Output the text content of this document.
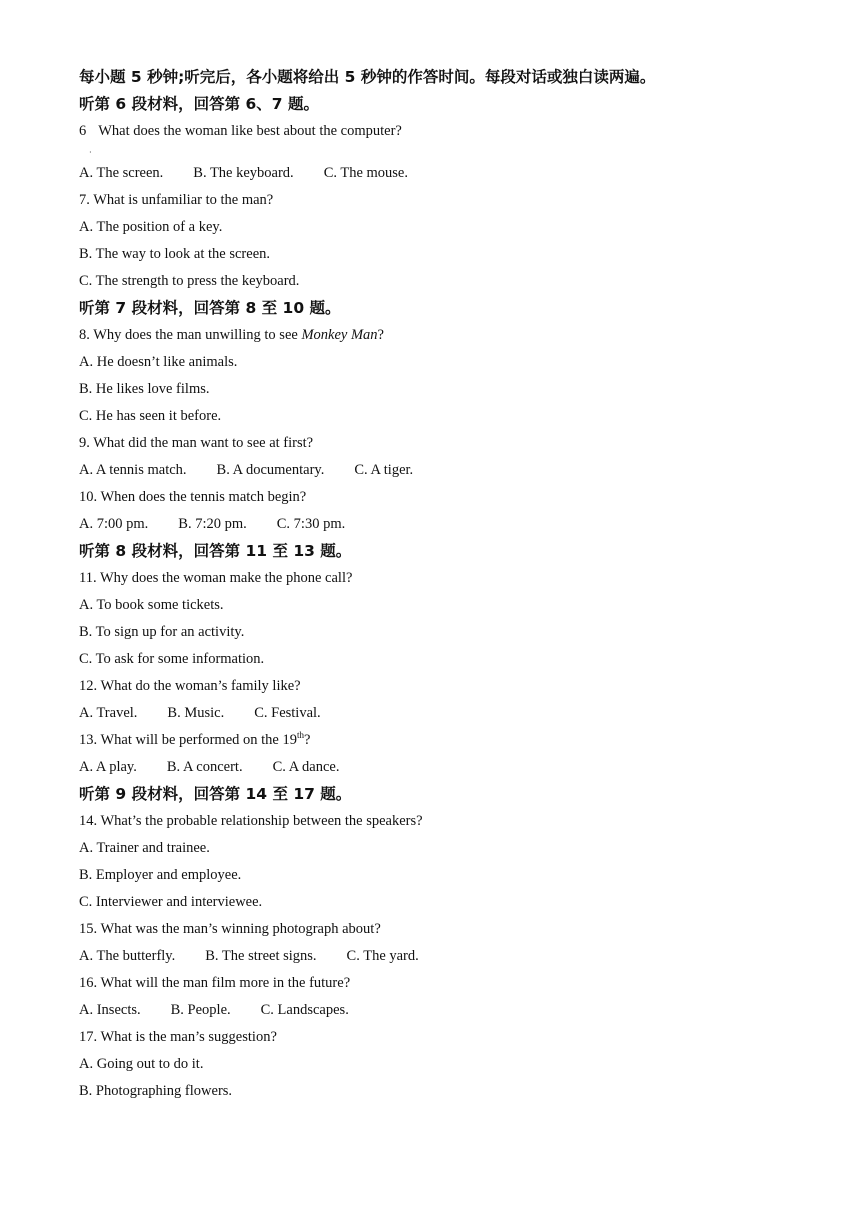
每小题 5 秒钟;听完后，各小题将给出 5 秒钟的作答时间。每段对话或独白读两遍。
听第 6 段材料，回答第 6、7 题。
6 What does the woman like best about the computer?
·
A. The screen. B. The keyboard. C. The mouse.
7. What is unfamiliar to the man?
A. The position of a key.
B. The way to look at the screen.
C. The strength to press the keyboard.
听第 7 段材料，回答第 8 至 10 题。
8. Why does the man unwilling to see Monkey Man?
A. He doesn’t like animals.
B. He likes love films.
C. He has seen it before.
9. What did the man want to see at first?
A. A tennis match. B. A documentary. C. A tiger.
10. When does the tennis match begin?
A. 7:00 pm. B. 7:20 pm. C. 7:30 pm.
听第 8 段材料，回答第 11 至 13 题。
11. Why does the woman make the phone call?
A. To book some tickets.
B. To sign up for an activity.
C. To ask for some information.
12. What do the woman’s family like?
A. Travel. B. Music. C. Festival.
13. What will be performed on the 19th?
A. A play. B. A concert. C. A dance.
听第 9 段材料，回答第 14 至 17 题。
14. What’s the probable relationship between the speakers?
A. Trainer and trainee.
B. Employer and employee.
C. Interviewer and interviewee.
15. What was the man’s winning photograph about?
A. The butterfly. B. The street signs. C. The yard.
16. What will the man film more in the future?
A. Insects. B. People. C. Landscapes.
17. What is the man’s suggestion?
A. Going out to do it.
B. Photographing flowers.
